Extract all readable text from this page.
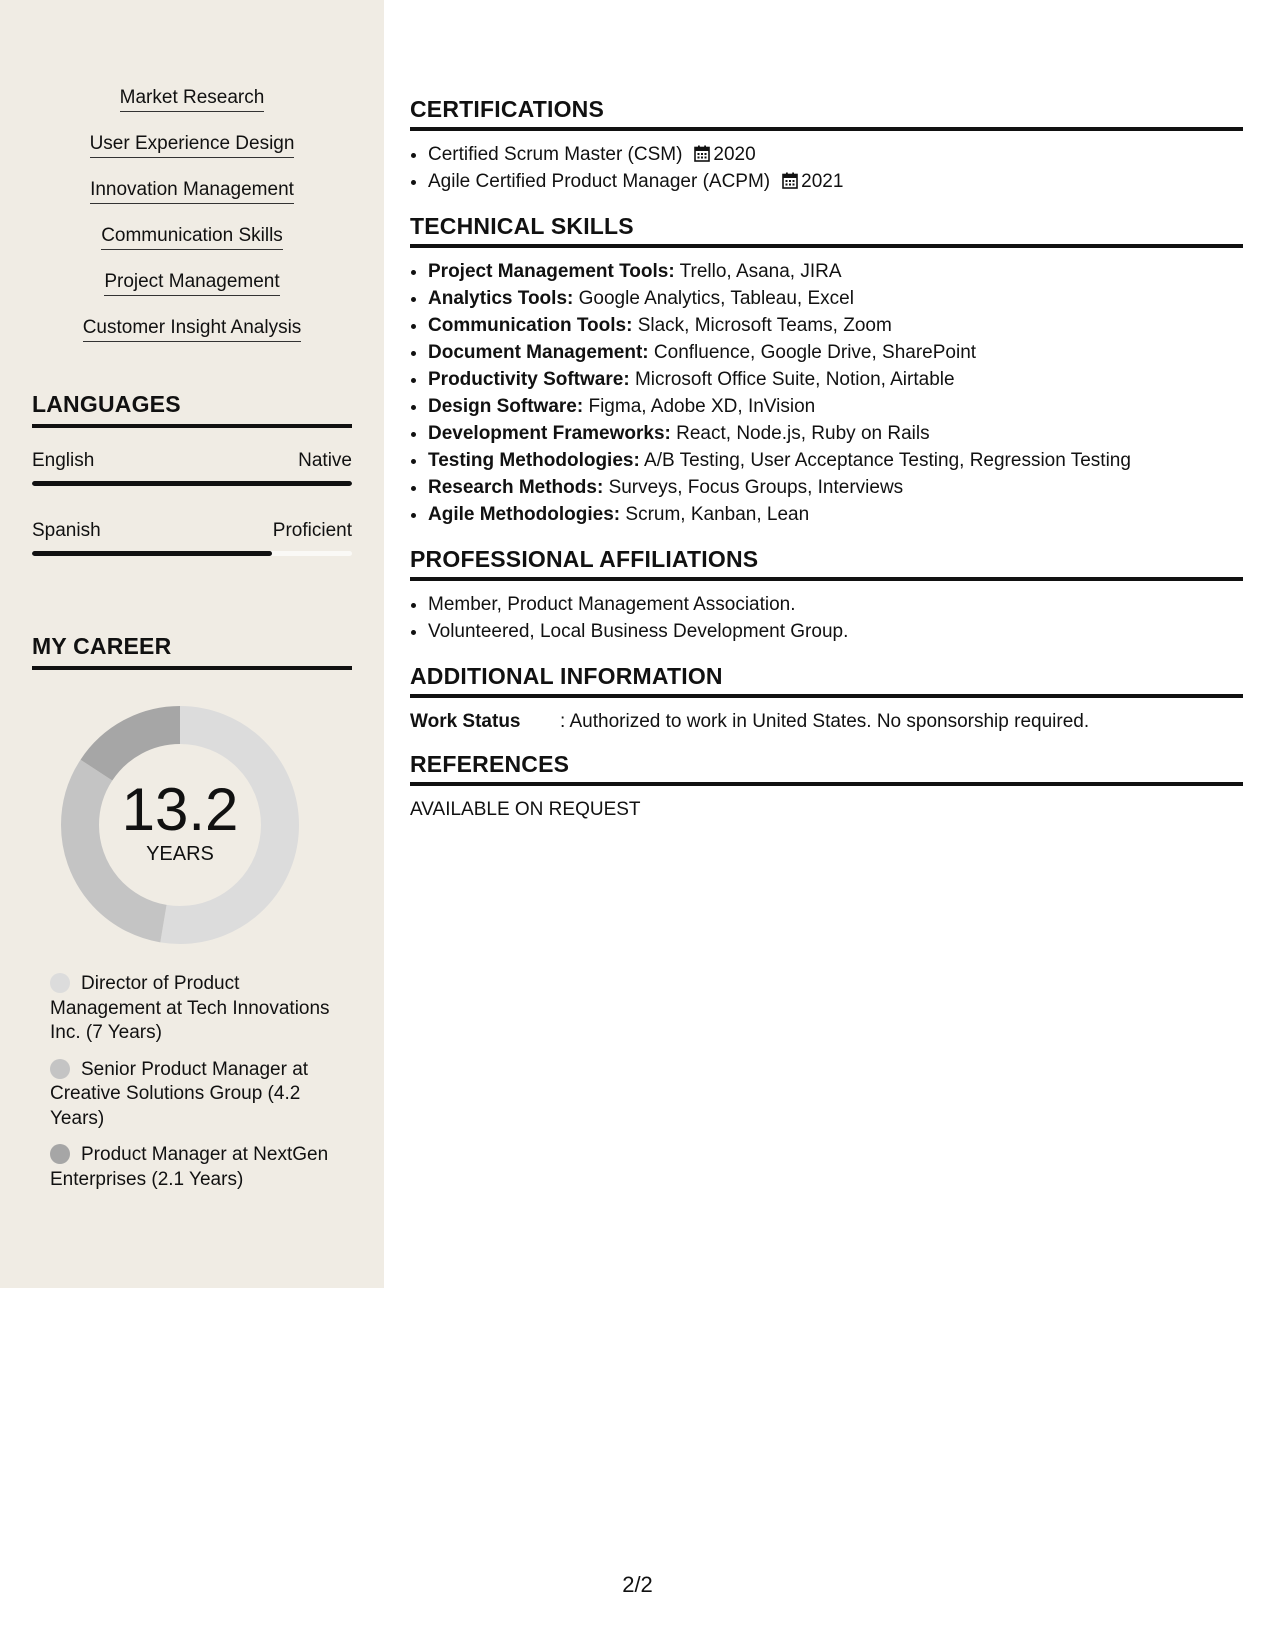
Market Research
User Experience Design
Innovation Management
Communication Skills
Project Management
Customer Insight Analysis
LANGUAGES
English	Native
Spanish	Proficient
MY CAREER
13.2
YEARS
Director of Product Management at Tech Innovations Inc. (7 Years)
Senior Product Manager at Creative Solutions Group (4.2 Years)
Product Manager at NextGen Enterprises (2.1 Years)
CERTIFICATIONS
• Certified Scrum Master (CSM) 2020
• Agile Certified Product Manager (ACPM) 2021
TECHNICAL SKILLS
• Project Management Tools: Trello, Asana, JIRA
• Analytics Tools: Google Analytics, Tableau, Excel
• Communication Tools: Slack, Microsoft Teams, Zoom
• Document Management: Confluence, Google Drive, SharePoint
• Productivity Software: Microsoft Office Suite, Notion, Airtable
• Design Software: Figma, Adobe XD, InVision
• Development Frameworks: React, Node.js, Ruby on Rails
• Testing Methodologies: A/B Testing, User Acceptance Testing, Regression Testing
• Research Methods: Surveys, Focus Groups, Interviews
• Agile Methodologies: Scrum, Kanban, Lean
PROFESSIONAL AFFILIATIONS
• Member, Product Management Association.
• Volunteered, Local Business Development Group.
ADDITIONAL INFORMATION
Work Status	: Authorized to work in United States. No sponsorship required.
REFERENCES
AVAILABLE ON REQUEST
2/2
